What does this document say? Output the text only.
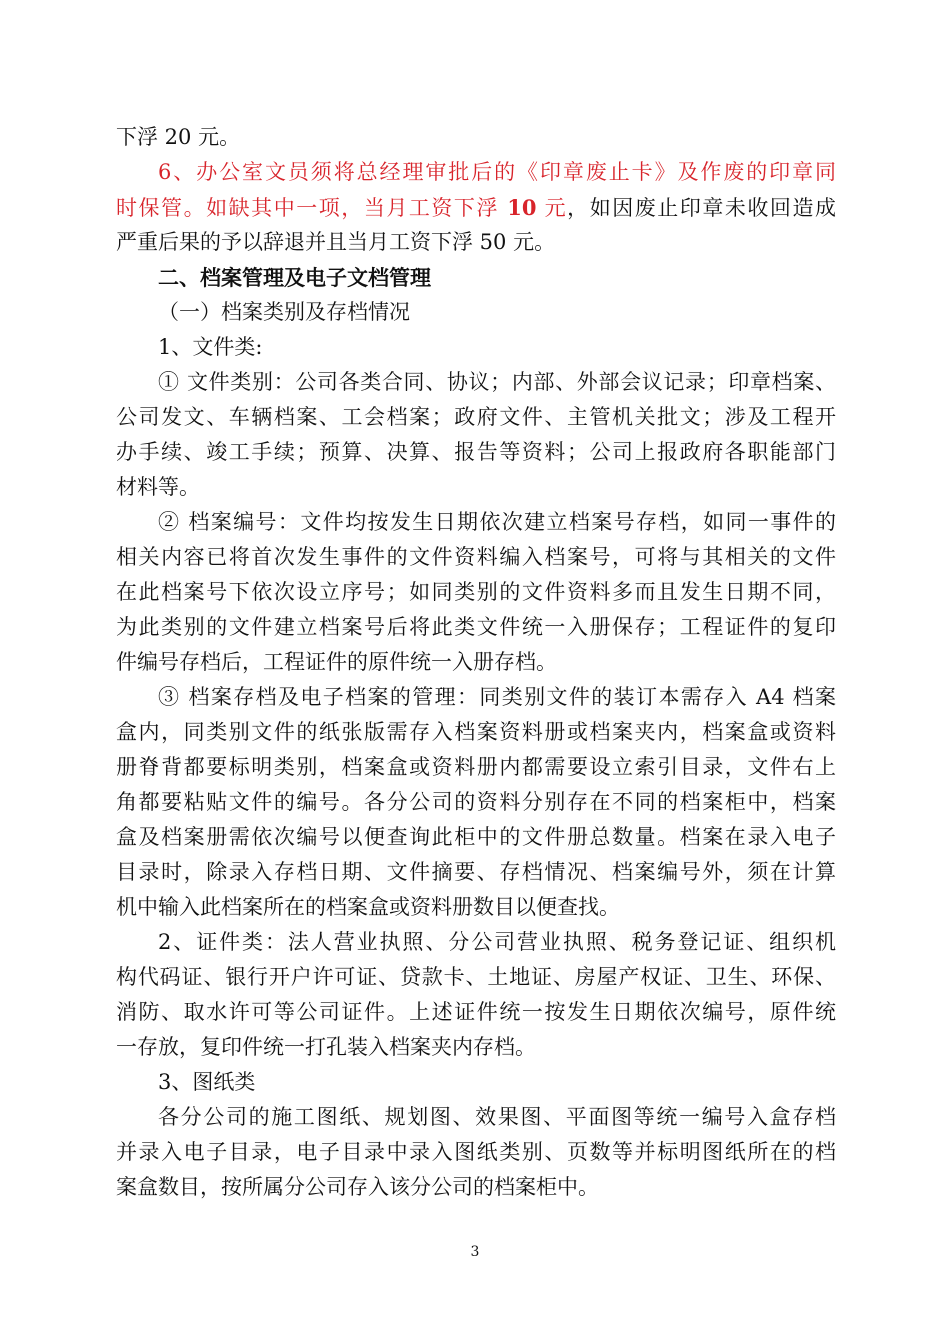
下浮 20 元。
6、办公室文员须将总经理审批后的《印章废止卡》及作废的印章同
时保管。如缺其中一项，当月工资下浮 10 元，如因废止印章未收回造成
严重后果的予以辞退并且当月工资下浮 50 元。
二、档案管理及电子文档管理
（一）档案类别及存档情况
1、文件类:
① 文件类别：公司各类合同、协议；内部、外部会议记录；印章档案、
公司发文、车辆档案、工会档案；政府文件、主管机关批文；涉及工程开
办手续、竣工手续；预算、决算、报告等资料；公司上报政府各职能部门
材料等。
② 档案编号：文件均按发生日期依次建立档案号存档，如同一事件的
相关内容已将首次发生事件的文件资料编入档案号，可将与其相关的文件
在此档案号下依次设立序号；如同类别的文件资料多而且发生日期不同，
为此类别的文件建立档案号后将此类文件统一入册保存；工程证件的复印
件编号存档后，工程证件的原件统一入册存档。
③ 档案存档及电子档案的管理：同类别文件的装订本需存入 A4 档案
盒内，同类别文件的纸张版需存入档案资料册或档案夹内，档案盒或资料
册脊背都要标明类别，档案盒或资料册内都需要设立索引目录，文件右上
角都要粘贴文件的编号。各分公司的资料分别存在不同的档案柜中，档案
盒及档案册需依次编号以便查询此柜中的文件册总数量。档案在录入电子
目录时，除录入存档日期、文件摘要、存档情况、档案编号外，须在计算
机中输入此档案所在的档案盒或资料册数目以便查找。
2、证件类：法人营业执照、分公司营业执照、税务登记证、组织机
构代码证、银行开户许可证、贷款卡、土地证、房屋产权证、卫生、环保、
消防、取水许可等公司证件。上述证件统一按发生日期依次编号，原件统
一存放，复印件统一打孔装入档案夹内存档。
3、图纸类
各分公司的施工图纸、规划图、效果图、平面图等统一编号入盒存档
并录入电子目录，电子目录中录入图纸类别、页数等并标明图纸所在的档
案盒数目，按所属分公司存入该分公司的档案柜中。
3
